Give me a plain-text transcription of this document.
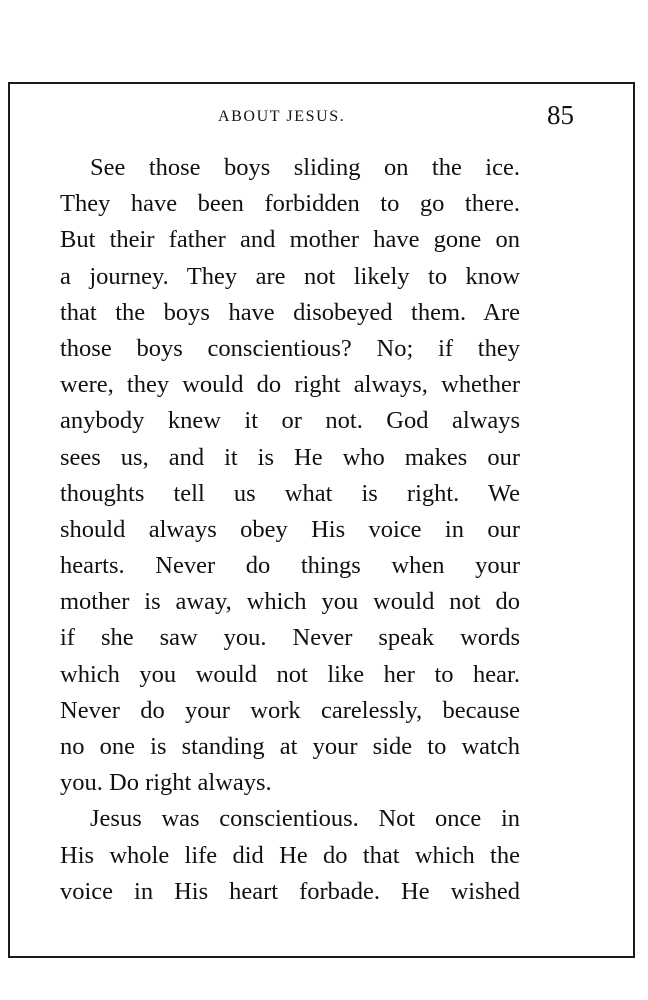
ABOUT JESUS.	85
See those boys sliding on the ice.
They have been forbidden to go there.
But their father and mother have gone on
a journey. They are not likely to know
that the boys have disobeyed them. Are
those boys conscientious? No; if they
were, they would do right always, whether
anybody knew it or not. God always
sees us, and it is He who makes our
thoughts tell us what is right. We
should always obey His voice in our
hearts. Never do things when your
mother is away, which you would not do
if she saw you. Never speak words
which you would not like her to hear.
Never do your work carelessly, because
no one is standing at your side to watch
you. Do right always.
Jesus was conscientious. Not once in
His whole life did He do that which the
voice in His heart forbade. He wished
